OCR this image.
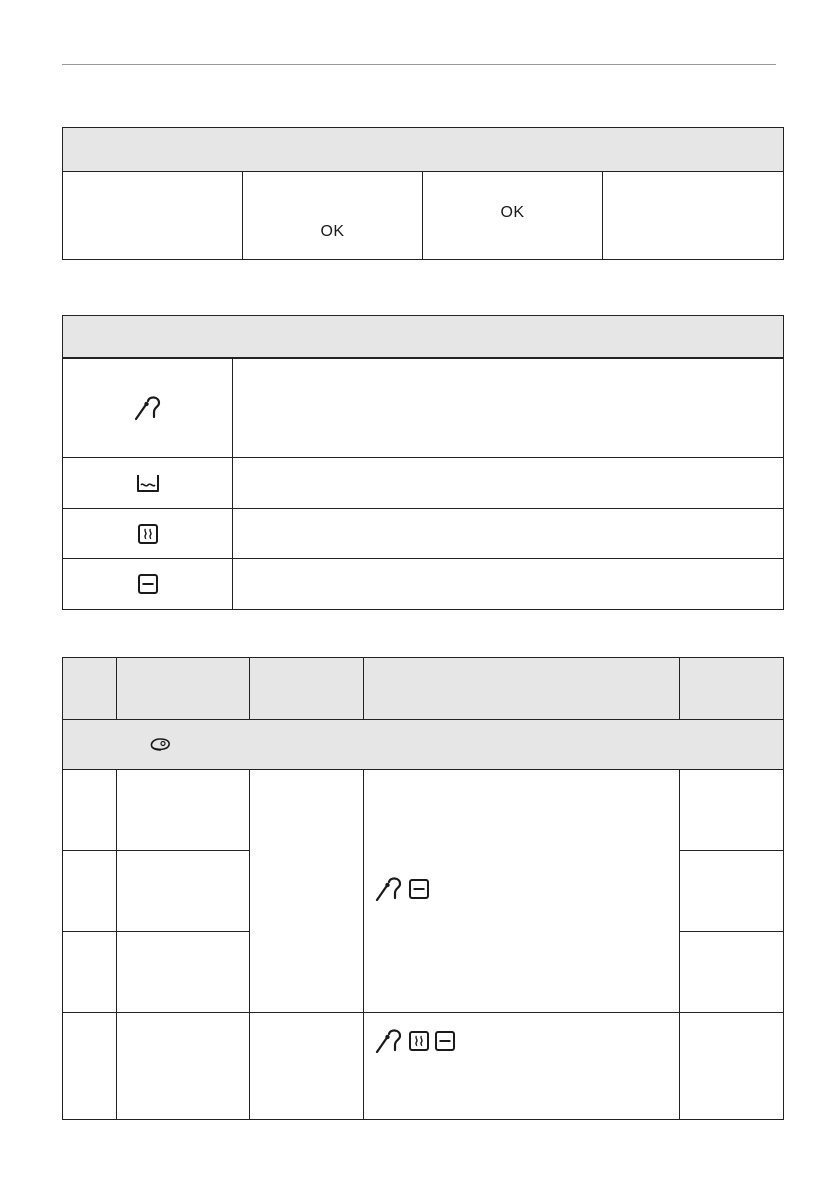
	OK	OK	
